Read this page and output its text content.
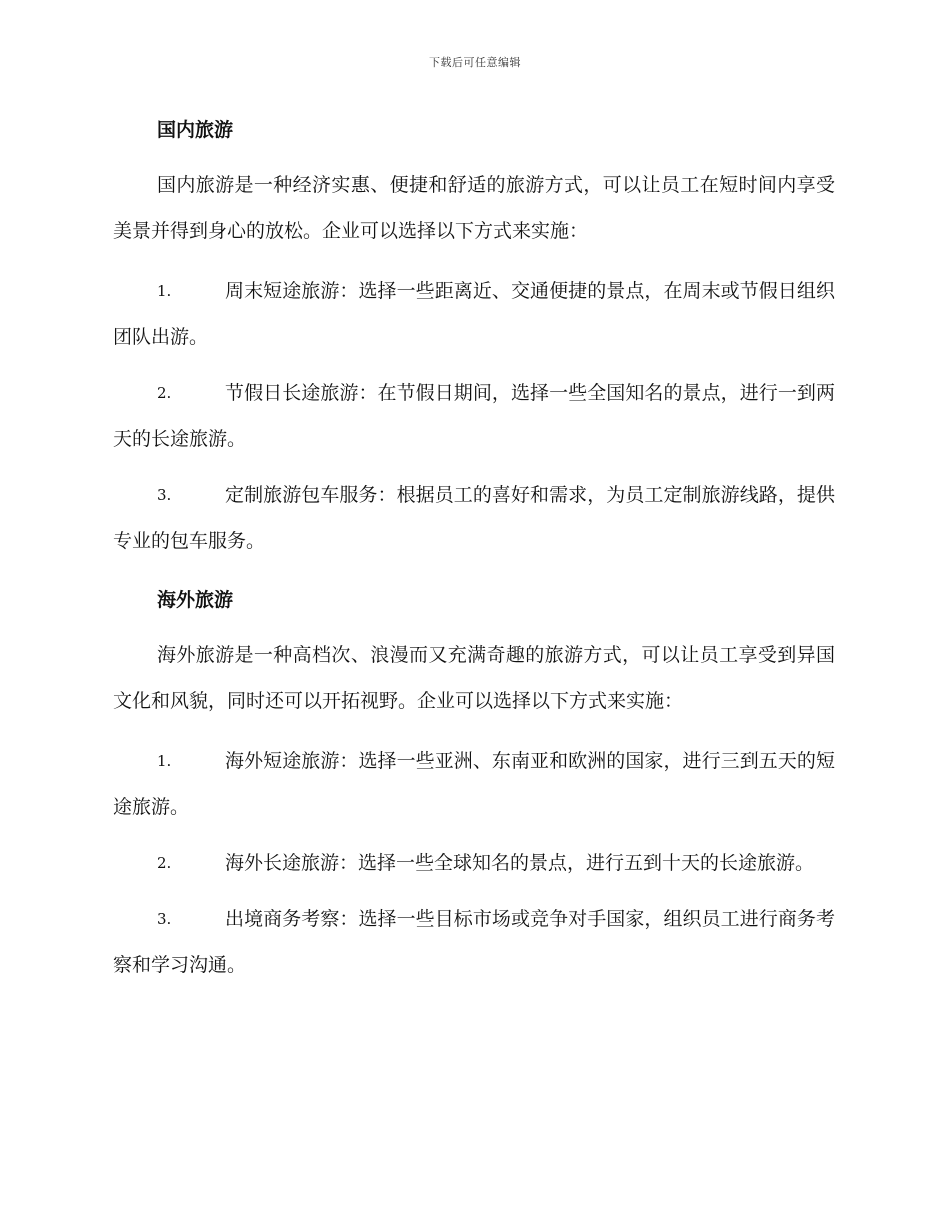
下载后可任意编辑
国内旅游

国内旅游是一种经济实惠、便捷和舒适的旅游方式，可以让员工在短时间内享受美景并得到身心的放松。企业可以选择以下方式来实施：

1.	周末短途旅游：选择一些距离近、交通便捷的景点，在周末或节假日组织团队出游。
2.	节假日长途旅游：在节假日期间，选择一些全国知名的景点，进行一到两天的长途旅游。
3.	定制旅游包车服务：根据员工的喜好和需求，为员工定制旅游线路，提供专业的包车服务。
海外旅游

海外旅游是一种高档次、浪漫而又充满奇趣的旅游方式，可以让员工享受到异国文化和风貌，同时还可以开拓视野。企业可以选择以下方式来实施：

1.	海外短途旅游：选择一些亚洲、东南亚和欧洲的国家，进行三到五天的短途旅游。
2.	海外长途旅游：选择一些全球知名的景点，进行五到十天的长途旅游。
3.	出境商务考察：选择一些目标市场或竞争对手国家，组织员工进行商务考察和学习沟通。
